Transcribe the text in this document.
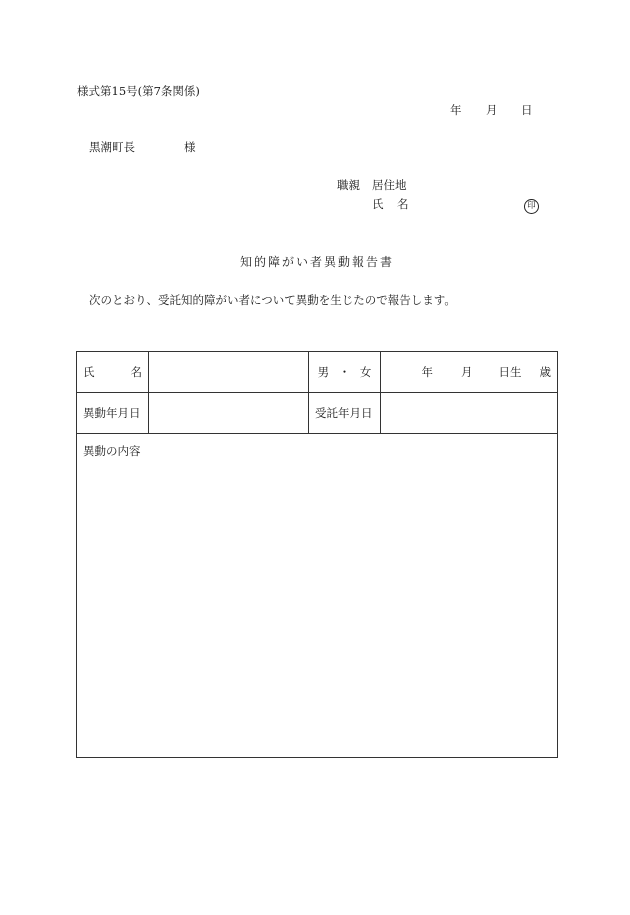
様式第15号(第7条関係)
年 月 日
黒潮町長	様
職親 居住地
氏 名	印
知的障がい者異動報告書
次のとおり、受託知的障がい者について異動を生じたので報告します。
氏 名		男 ・ 女	年 月 日生 歳

異動年月日		受託年月日	
異動の内容			
